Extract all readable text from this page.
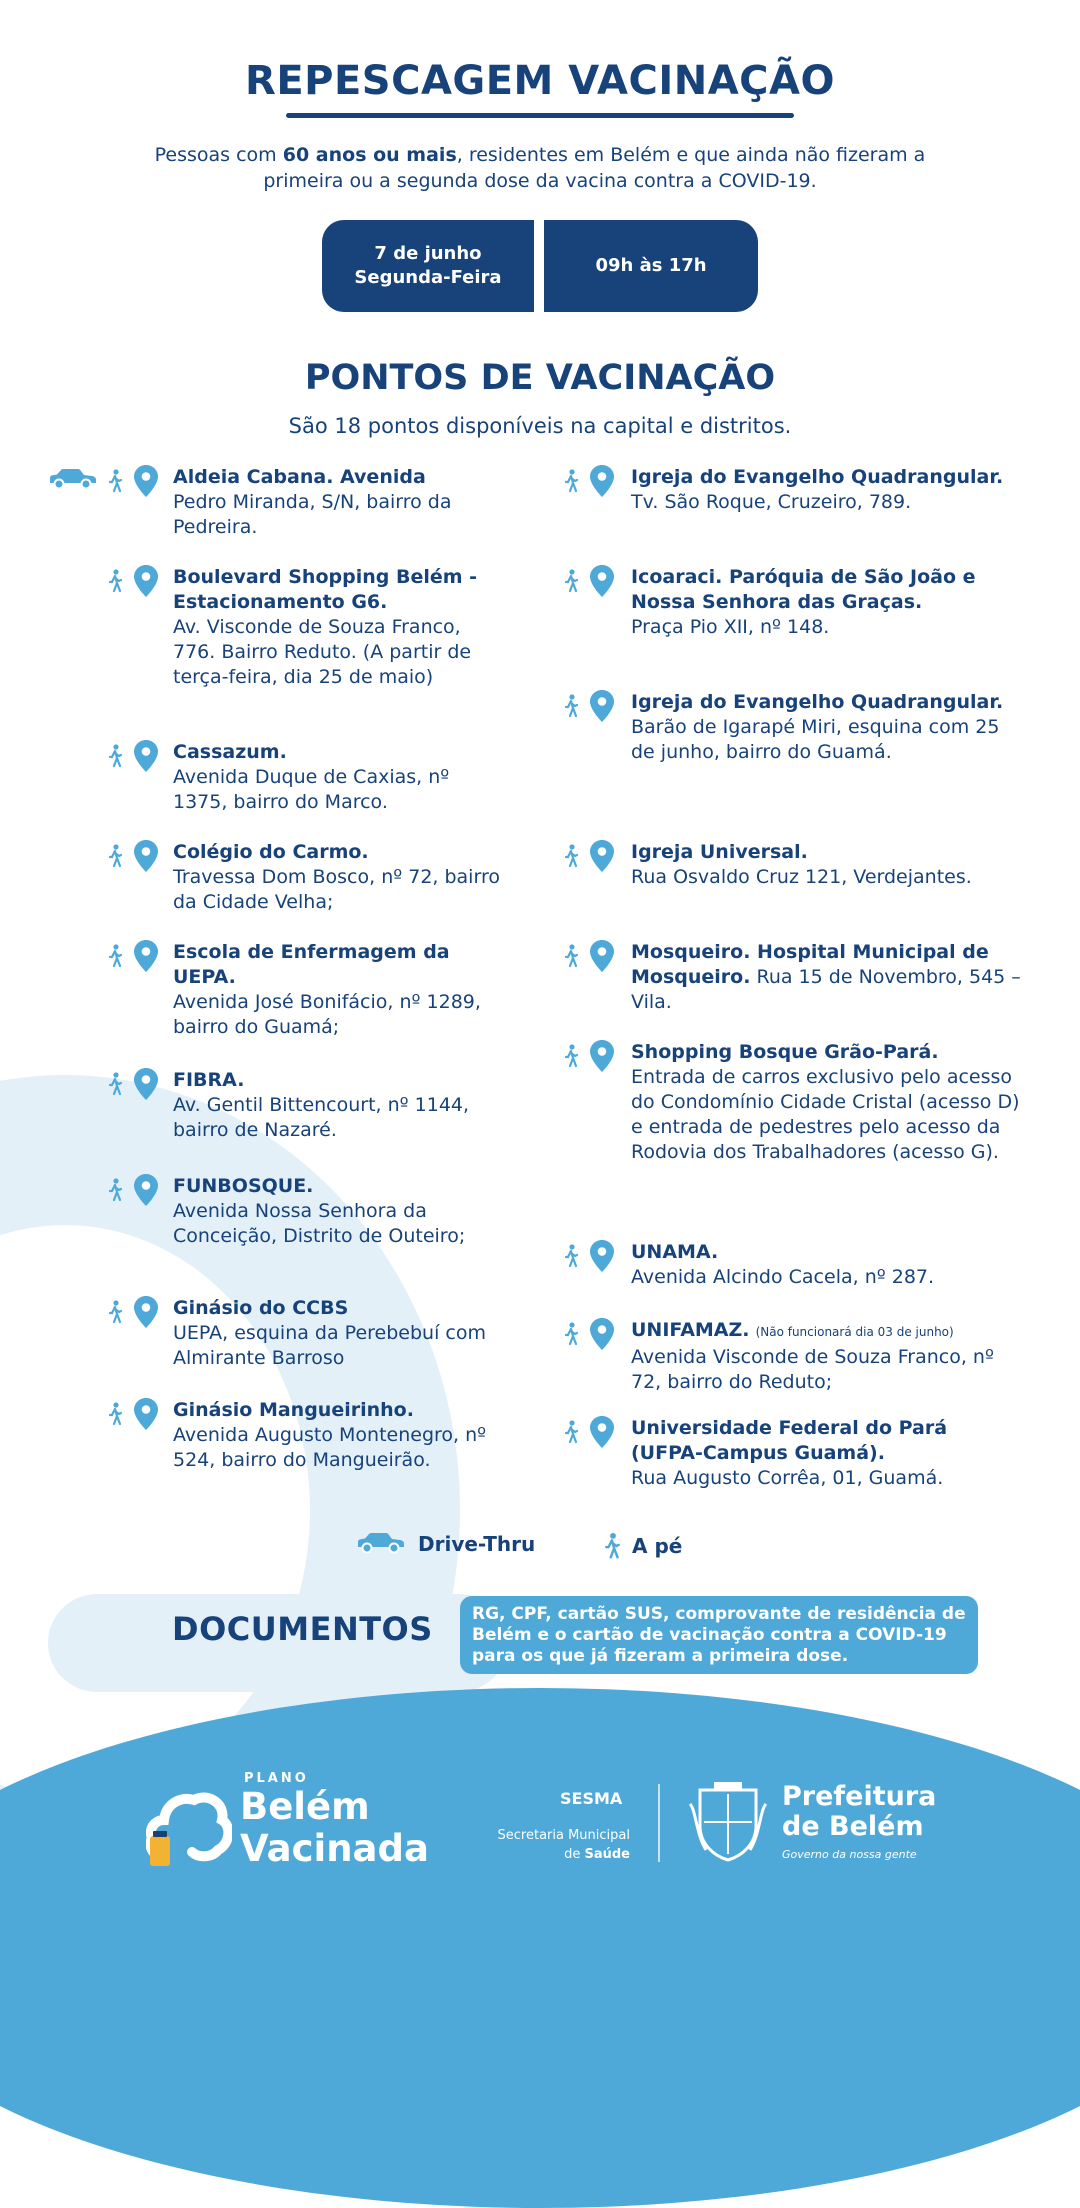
REPESCAGEM VACINAÇÃO
Pessoas com 60 anos ou mais, residentes em Belém e que ainda não fizeram a primeira ou a segunda dose da vacina contra a COVID-19.
7 de junho
Segunda-Feira
09h às 17h
PONTOS DE VACINAÇÃO
São 18 pontos disponíveis na capital e distritos.
Aldeia Cabana. Avenida
Pedro Miranda, S/N, bairro da Pedreira.
Boulevard Shopping Belém - Estacionamento G6.
Av. Visconde de Souza Franco, 776. Bairro Reduto. (A partir de terça-feira, dia 25 de maio)
Cassazum.
Avenida Duque de Caxias, nº 1375, bairro do Marco.
Colégio do Carmo.
Travessa Dom Bosco, nº 72, bairro da Cidade Velha;
Escola de Enfermagem da UEPA.
Avenida José Bonifácio, nº 1289, bairro do Guamá;
FIBRA.
Av. Gentil Bittencourt, nº 1144, bairro de Nazaré.
FUNBOSQUE.
Avenida Nossa Senhora da Conceição, Distrito de Outeiro;
Ginásio do CCBS
UEPA, esquina da Perebebuí com Almirante Barroso
Ginásio Mangueirinho.
Avenida Augusto Montenegro, nº 524, bairro do Mangueirão.
Igreja do Evangelho Quadrangular.
Tv. São Roque, Cruzeiro, 789.
Icoaraci. Paróquia de São João e Nossa Senhora das Graças.
Praça Pio XII, nº 148.
Igreja do Evangelho Quadrangular.
Barão de Igarapé Miri, esquina com 25 de junho, bairro do Guamá.
Igreja Universal.
Rua Osvaldo Cruz 121, Verdejantes.
Mosqueiro. Hospital Municipal de Mosqueiro. Rua 15 de Novembro, 545 – Vila.
Shopping Bosque Grão-Pará.
Entrada de carros exclusivo pelo acesso do Condomínio Cidade Cristal (acesso D) e entrada de pedestres pelo acesso da Rodovia dos Trabalhadores (acesso G).
UNAMA.
Avenida Alcindo Cacela, nº 287.
UNIFAMAZ. (Não funcionará dia 03 de junho)
Avenida Visconde de Souza Franco, nº 72, bairro do Reduto;
Universidade Federal do Pará (UFPA-Campus Guamá).
Rua Augusto Corrêa, 01, Guamá.
Drive-Thru	A pé
DOCUMENTOS	RG, CPF, cartão SUS, comprovante de residência de Belém e o cartão de vacinação contra a COVID-19 para os que já fizeram a primeira dose.
PLANO
Belém
Vacinada
SESMA
Secretaria Municipal
de Saúde
Prefeitura
de Belém
Governo da nossa gente
